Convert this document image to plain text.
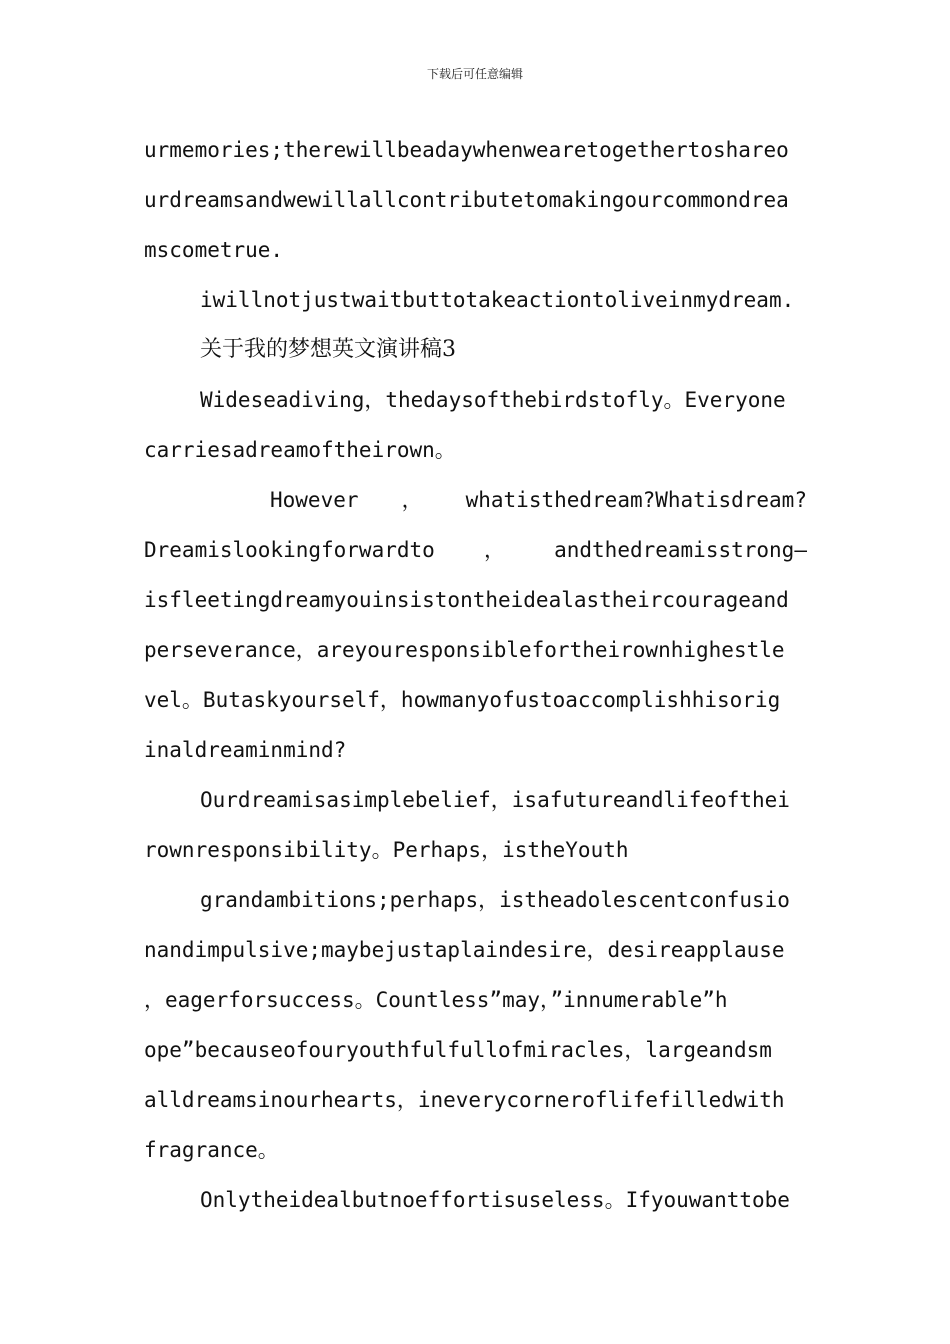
下载后可任意编辑
urmemories;therewillbeadaywhenwearetogethertoshareo
urdreamsandwewillallcontributetomakingourcommondrea
mscometrue.
iwillnotjustwaitbuttotakeactiontoliveinmydream.
关于我的梦想英文演讲稿3
Wideseadiving，thedaysofthebirdstofly。Everyone
carriesadreamoftheirown。
However ， whatisthedream?Whatisdream?
Dreamislookingforwardto ， andthedreamisstrong—
isfleetingdreamyouinsistontheidealastheircourageand
perseverance，areyouresponsiblefortheirownhighestle
vel。Butaskyourself，howmanyofustoaccomplishhisorig
inaldreaminmind?
Ourdreamisasimplebelief，isafutureandlifeofthei
rownresponsibility。Perhaps，istheYouth
grandambitions;perhaps，istheadolescentconfusio
nandimpulsive;maybejustaplaindesire，desireapplause
，eagerforsuccess。Countless”may，”innumerable”h
ope”becauseofouryouthfulfullofmiracles，largeandsm
alldreamsinourhearts，ineverycorneroflifefilledwith
fragrance。
Onlytheidealbutnoeffortisuseless。Ifyouwanttobe
